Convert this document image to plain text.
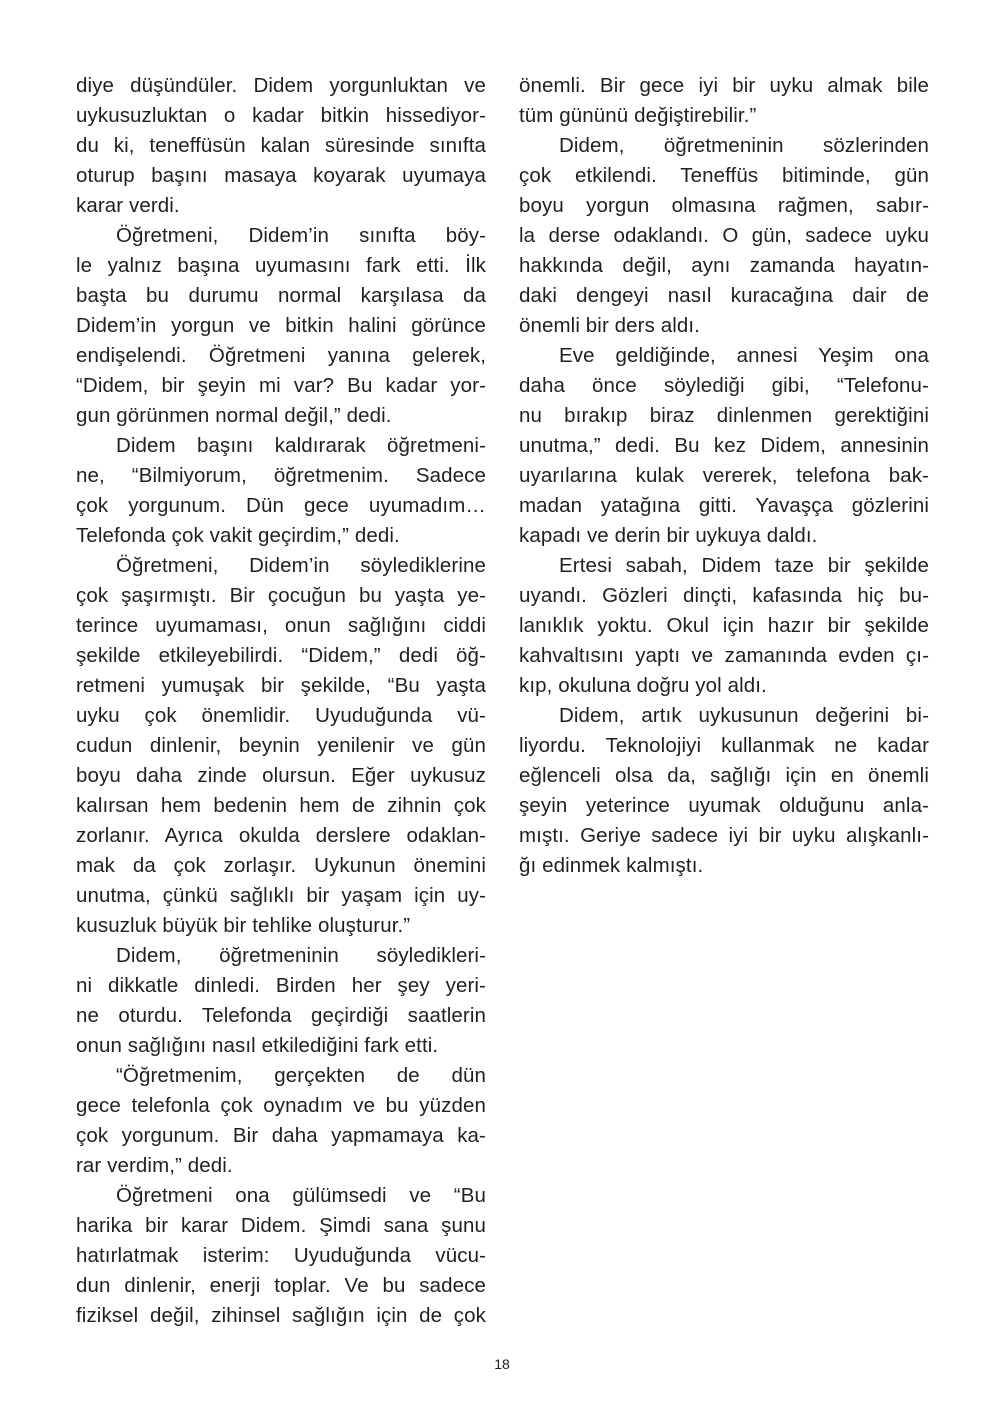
diye düşündüler. Didem yorgunluktan ve
uykusuzluktan o kadar bitkin hissediyor-
du ki, teneffüsün kalan süresinde sınıfta
oturup başını masaya koyarak uyumaya
karar verdi.
Öğretmeni, Didem’in sınıfta böy-
le yalnız başına uyumasını fark etti. İlk
başta bu durumu normal karşılasa da
Didem’in yorgun ve bitkin halini görünce
endişelendi. Öğretmeni yanına gelerek,
“Didem, bir şeyin mi var? Bu kadar yor-
gun görünmen normal değil,” dedi.
Didem başını kaldırarak öğretmeni-
ne, “Bilmiyorum, öğretmenim. Sadece
çok yorgunum. Dün gece uyumadım…
Telefonda çok vakit geçirdim,” dedi.
Öğretmeni, Didem’in söylediklerine
çok şaşırmıştı. Bir çocuğun bu yaşta ye-
terince uyumaması, onun sağlığını ciddi
şekilde etkileyebilirdi. “Didem,” dedi öğ-
retmeni yumuşak bir şekilde, “Bu yaşta
uyku çok önemlidir. Uyuduğunda vü-
cudun dinlenir, beynin yenilenir ve gün
boyu daha zinde olursun. Eğer uykusuz
kalırsan hem bedenin hem de zihnin çok
zorlanır. Ayrıca okulda derslere odaklan-
mak da çok zorlaşır. Uykunun önemini
unutma, çünkü sağlıklı bir yaşam için uy-
kusuzluk büyük bir tehlike oluşturur.”
Didem, öğretmeninin söyledikleri-
ni dikkatle dinledi. Birden her şey yeri-
ne oturdu. Telefonda geçirdiği saatlerin
onun sağlığını nasıl etkilediğini fark etti.
“Öğretmenim, gerçekten de dün
gece telefonla çok oynadım ve bu yüzden
çok yorgunum. Bir daha yapmamaya ka-
rar verdim,” dedi.
Öğretmeni ona gülümsedi ve “Bu
harika bir karar Didem. Şimdi sana şunu
hatırlatmak isterim: Uyuduğunda vücu-
dun dinlenir, enerji toplar. Ve bu sadece
fiziksel değil, zihinsel sağlığın için de çok
önemli. Bir gece iyi bir uyku almak bile
tüm gününü değiştirebilir.”
Didem, öğretmeninin sözlerinden
çok etkilendi. Teneffüs bitiminde, gün
boyu yorgun olmasına rağmen, sabır-
la derse odaklandı. O gün, sadece uyku
hakkında değil, aynı zamanda hayatın-
daki dengeyi nasıl kuracağına dair de
önemli bir ders aldı.
Eve geldiğinde, annesi Yeşim ona
daha önce söylediği gibi, “Telefonu-
nu bırakıp biraz dinlenmen gerektiğini
unutma,” dedi. Bu kez Didem, annesinin
uyarılarına kulak vererek, telefona bak-
madan yatağına gitti. Yavaşça gözlerini
kapadı ve derin bir uykuya daldı.
Ertesi sabah, Didem taze bir şekilde
uyandı. Gözleri dinçti, kafasında hiç bu-
lanıklık yoktu. Okul için hazır bir şekilde
kahvaltısını yaptı ve zamanında evden çı-
kıp, okuluna doğru yol aldı.
Didem, artık uykusunun değerini bi-
liyordu. Teknolojiyi kullanmak ne kadar
eğlenceli olsa da, sağlığı için en önemli
şeyin yeterince uyumak olduğunu anla-
mıştı. Geriye sadece iyi bir uyku alışkanlı-
ğı edinmek kalmıştı.
18
